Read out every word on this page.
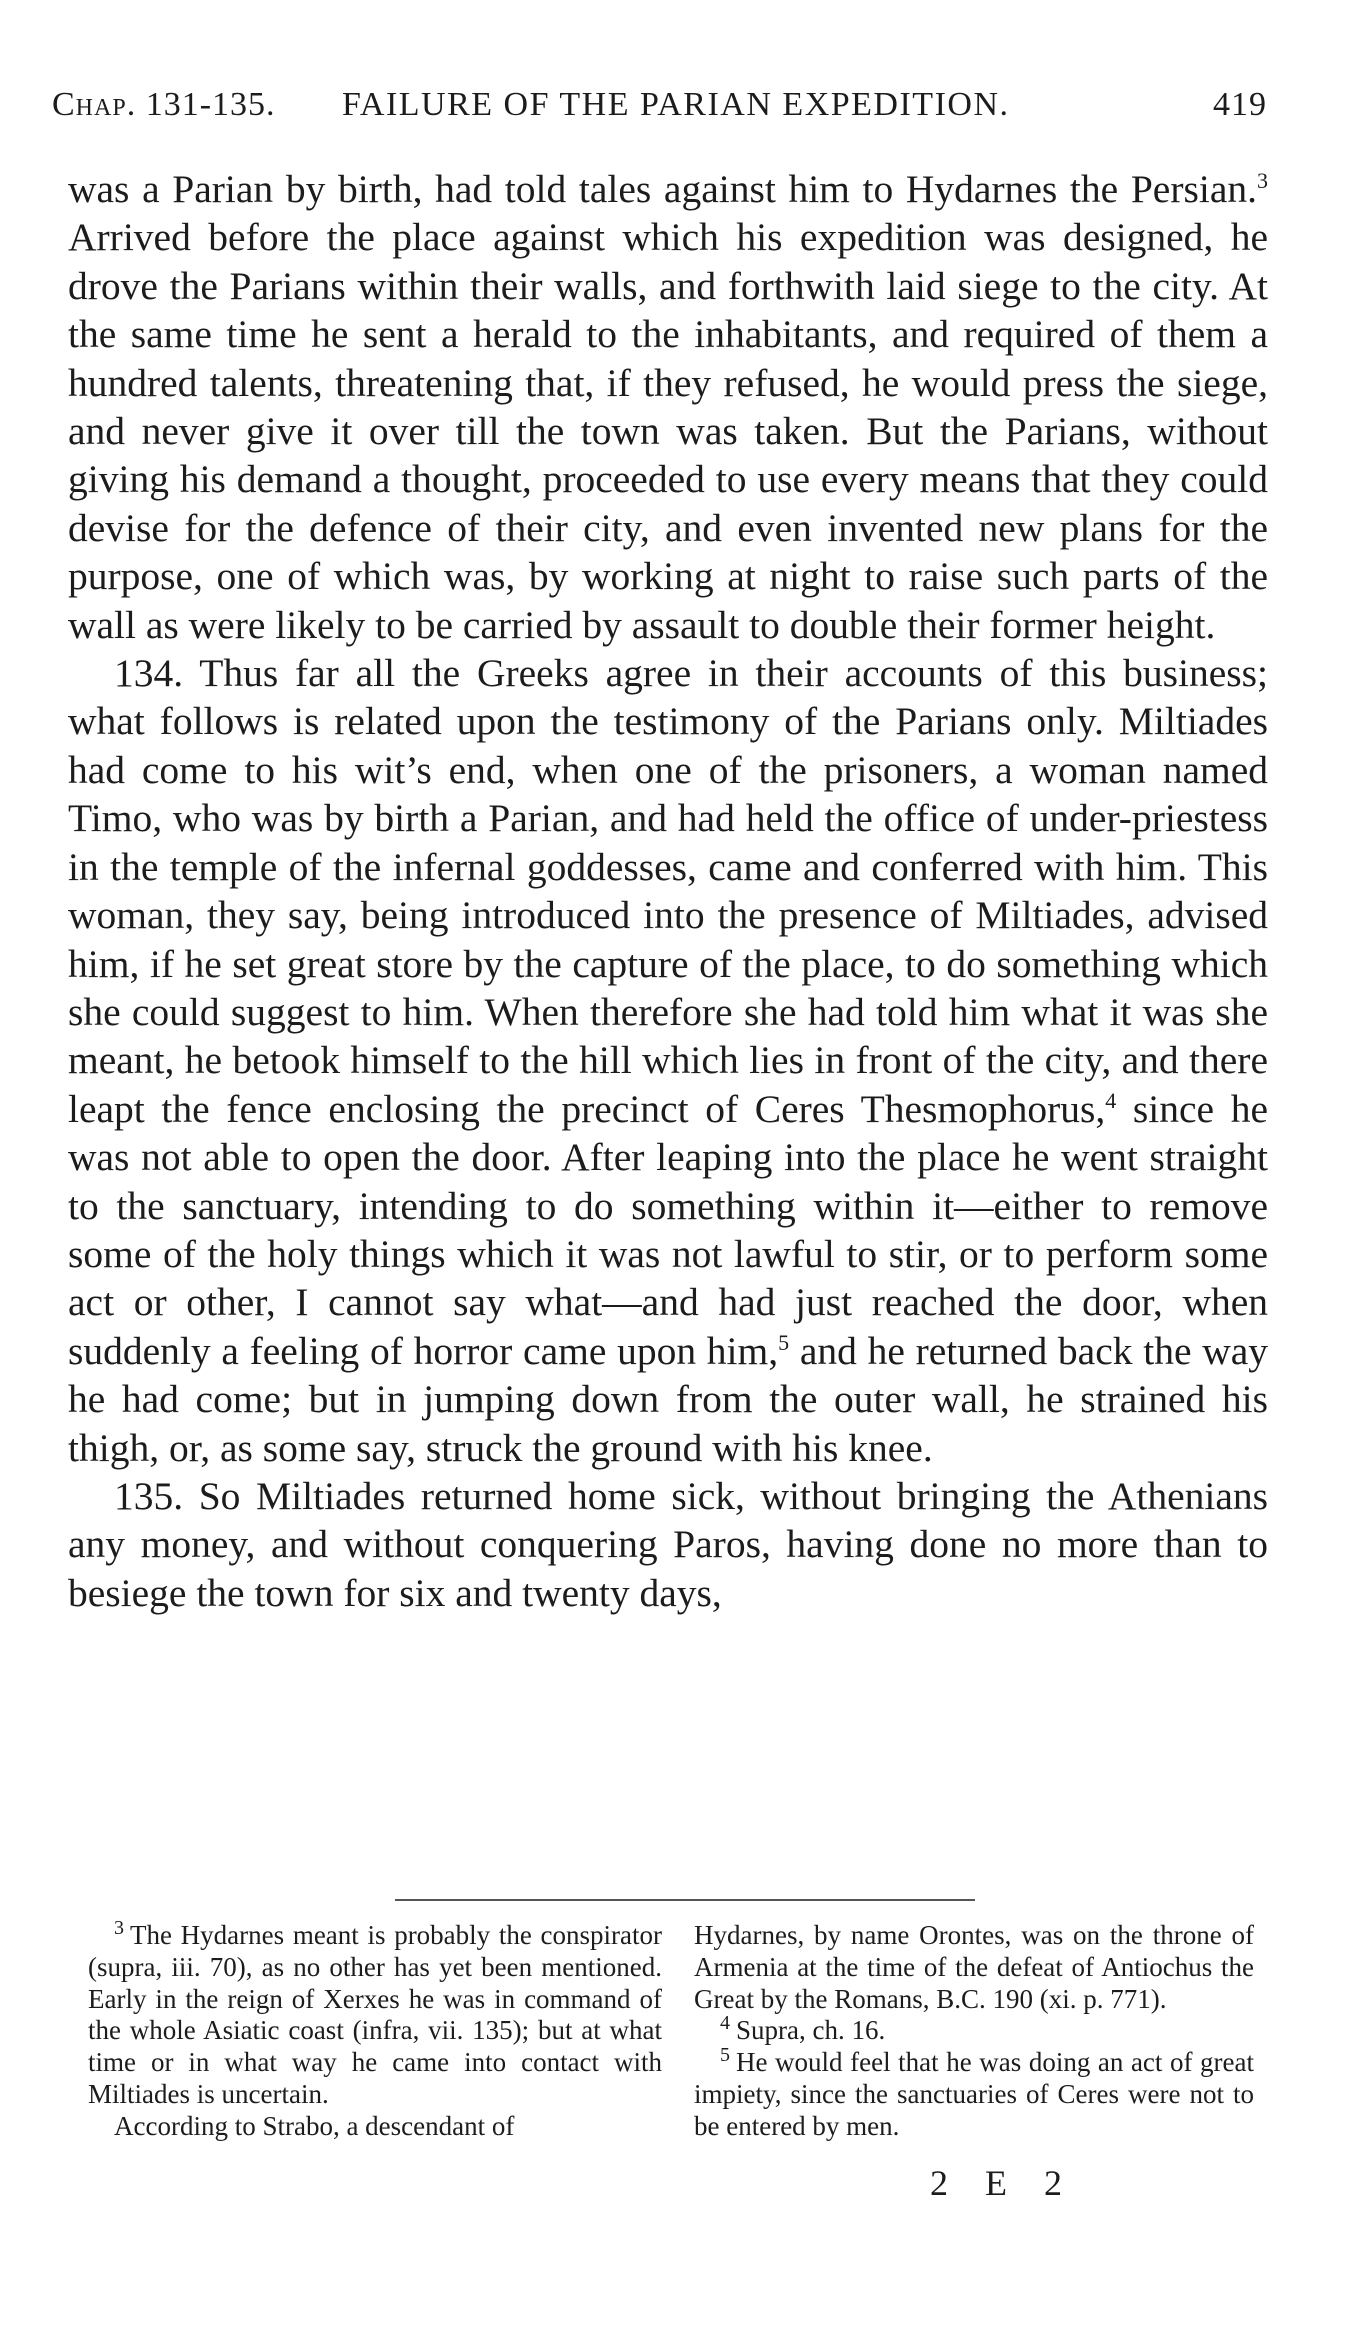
Chap. 131-135. FAILURE OF THE PARIAN EXPEDITION.	419

was a Parian by birth, had told tales against him to Hydarnes the Persian.$^3$ Arrived before the place against which his expedition was designed, he drove the Parians within their walls, and forthwith laid siege to the city. At the same time he sent a herald to the inhabitants, and required of them a hundred talents, threatening that, if they refused, he would press the siege, and never give it over till the town was taken. But the Parians, without giving his demand a thought, proceeded to use every means that they could devise for the defence of their city, and even invented new plans for the purpose, one of which was, by working at night to raise such parts of the wall as were likely to be carried by assault to double their former height.

134. Thus far all the Greeks agree in their accounts of this business; what follows is related upon the testimony of the Parians only. Miltiades had come to his wit’s end, when one of the prisoners, a woman named Timo, who was by birth a Parian, and had held the office of under-priestess in the temple of the infernal goddesses, came and conferred with him. This woman, they say, being introduced into the presence of Miltiades, advised him, if he set great store by the capture of the place, to do something which she could suggest to him. When therefore she had told him what it was she meant, he betook himself to the hill which lies in front of the city, and there leapt the fence enclosing the precinct of Ceres Thesmophorus,$^4$ since he was not able to open the door. After leaping into the place he went straight to the sanctuary, intending to do something within it—either to remove some of the holy things which it was not lawful to stir, or to perform some act or other, I cannot say what—and had just reached the door, when suddenly a feeling of horror came upon him,$^5$ and he returned back the way he had come; but in jumping down from the outer wall, he strained his thigh, or, as some say, struck the ground with his knee.

135. So Miltiades returned home sick, without bringing the Athenians any money, and without conquering Paros, having done no more than to besiege the town for six and twenty days,

$^3$ The Hydarnes meant is probably the conspirator (supra, iii. 70), as no other has yet been mentioned. Early in the reign of Xerxes he was in command of the whole Asiatic coast (infra, vii. 135); but at what time or in what way he came into contact with Miltiades is uncertain.

According to Strabo, a descendant of

Hydarnes, by name Orontes, was on the throne of Armenia at the time of the defeat of Antiochus the Great by the Romans, B.C. 190 (xi. p. 771).

$^4$ Supra, ch. 16.

$^5$ He would feel that he was doing an act of great impiety, since the sanctuaries of Ceres were not to be entered by men.

2 E 2
